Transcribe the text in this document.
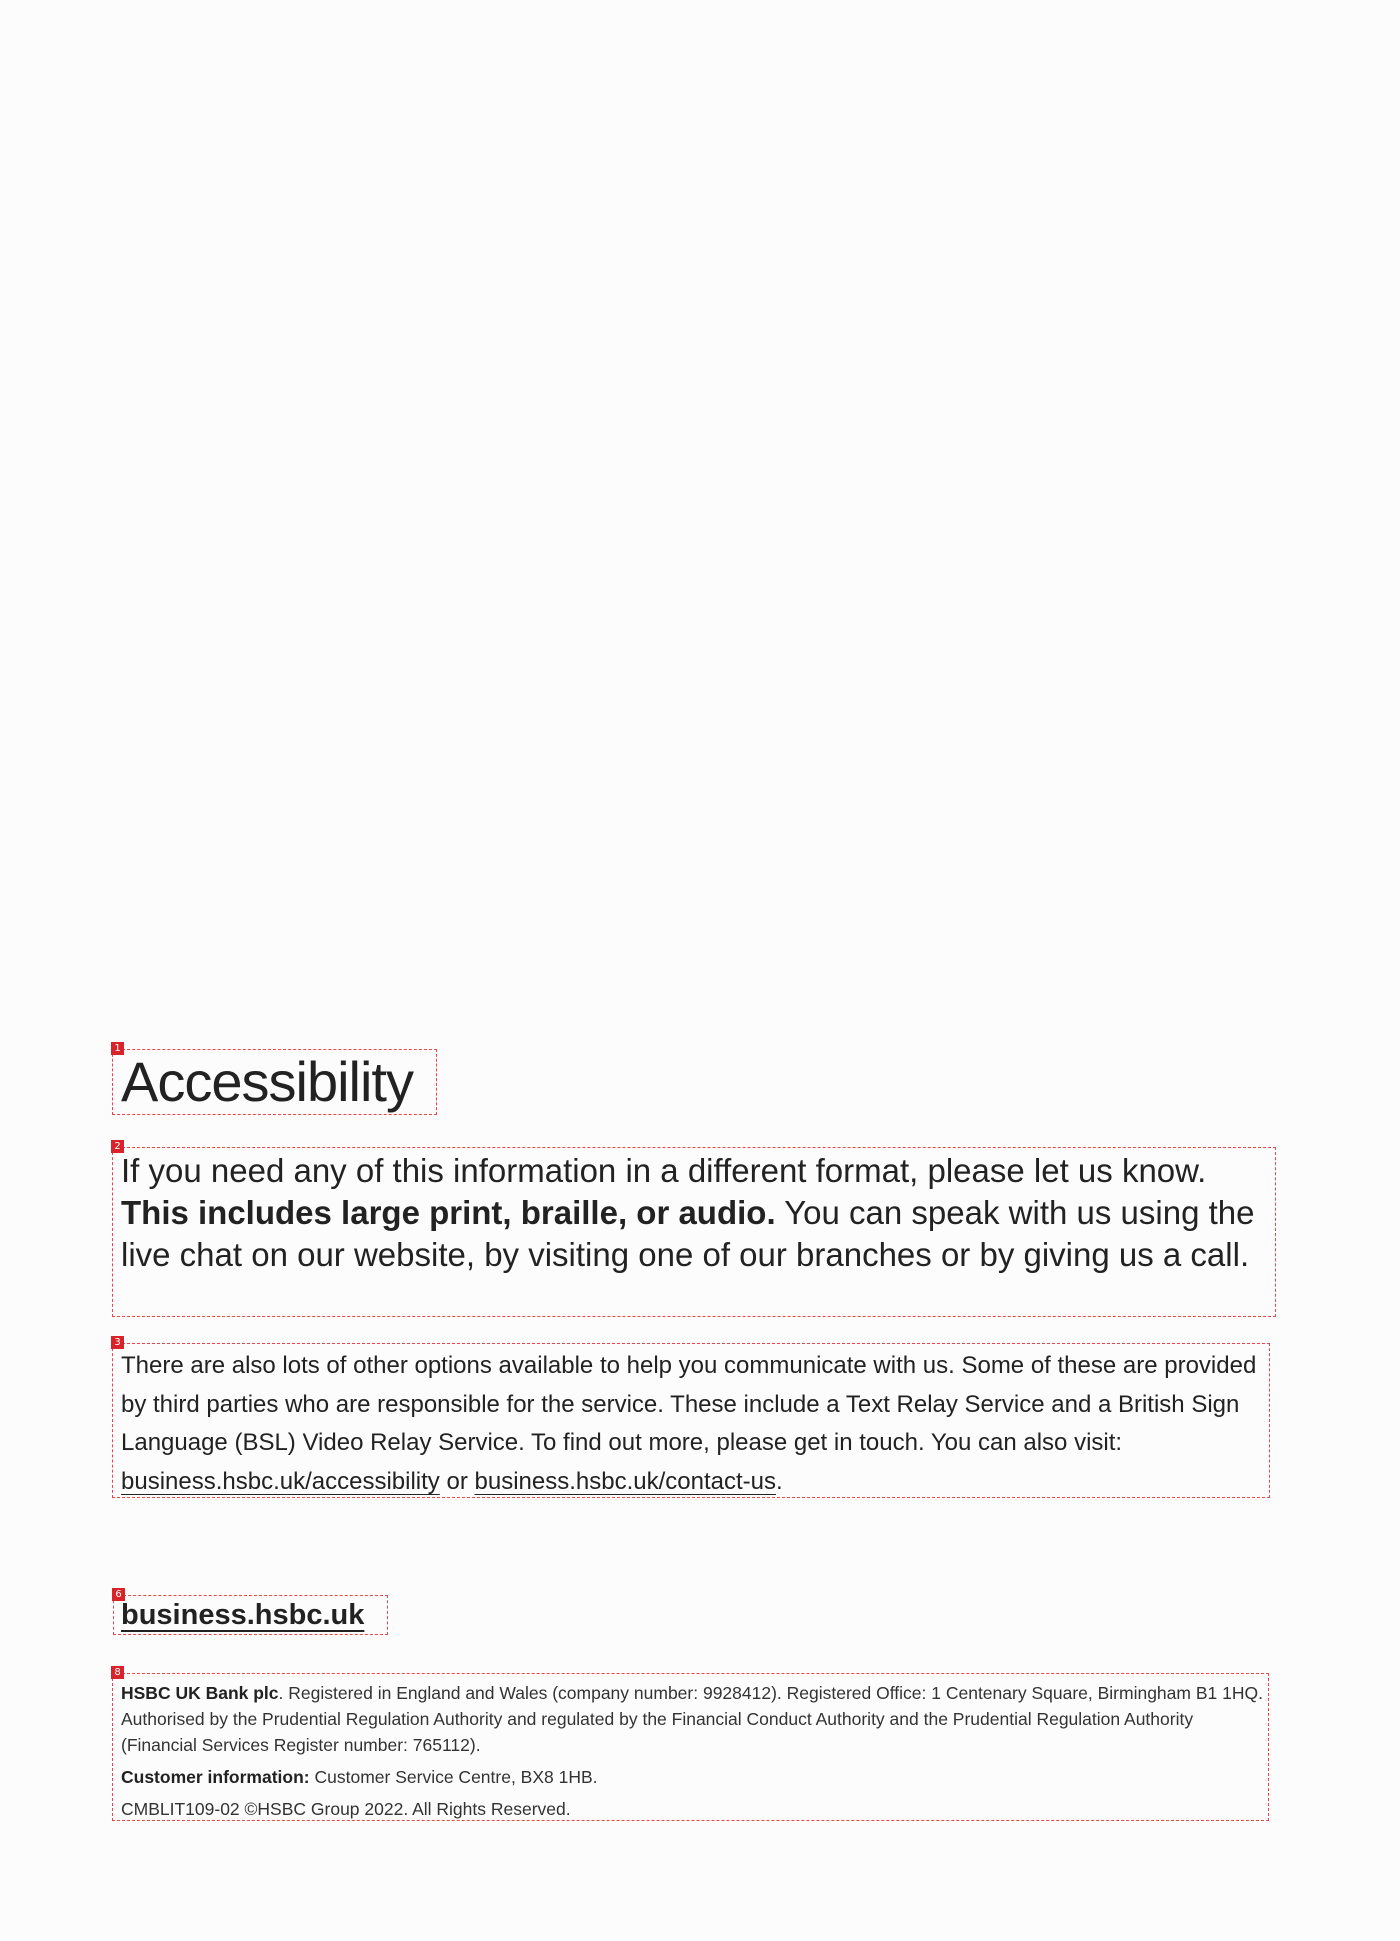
1
Accessibility
2
If you need any of this information in a different format, please let us know. This includes large print, braille, or audio. You can speak with us using the live chat on our website, by visiting one of our branches or by giving us a call.
3
There are also lots of other options available to help you communicate with us. Some of these are provided by third parties who are responsible for the service. These include a Text Relay Service and a British Sign Language (BSL) Video Relay Service. To find out more, please get in touch. You can also visit: business.hsbc.uk/accessibility or business.hsbc.uk/contact-us.
6
business.hsbc.uk
8

HSBC UK Bank plc. Registered in England and Wales (company number: 9928412). Registered Office: 1 Centenary Square, Birmingham B1 1HQ. Authorised by the Prudential Regulation Authority and regulated by the Financial Conduct Authority and the Prudential Regulation Authority (Financial Services Register number: 765112).

Customer information: Customer Service Centre, BX8 1HB.

CMBLIT109-02 ©HSBC Group 2022. All Rights Reserved.
